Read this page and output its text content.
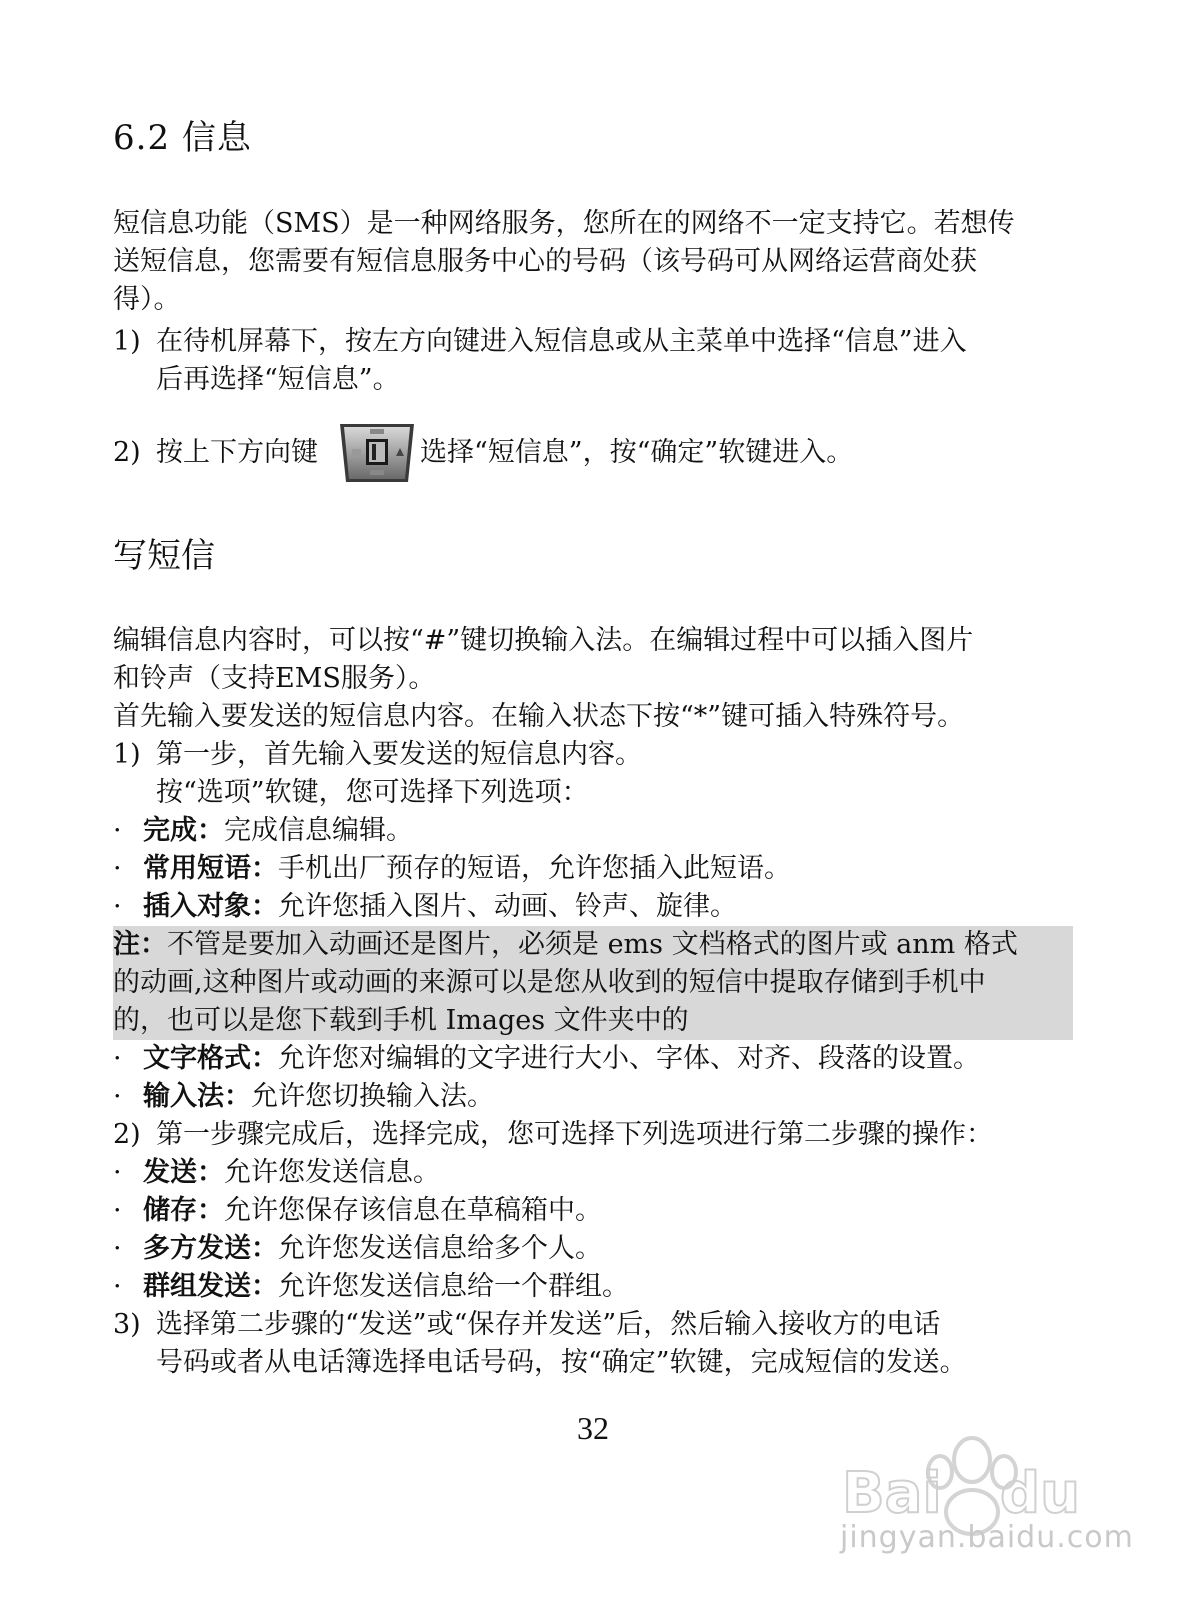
6.2 信息
短信息功能（SMS）是一种网络服务，您所在的网络不一定支持它。若想传
送短信息，您需要有短信息服务中心的号码（该号码可从网络运营商处获
得）。
1) 在待机屏幕下，按左方向键进入短信息或从主菜单中选择“信息”进入
后再选择“短信息”。
2) 按上下方向键	选择“短信息”，按“确定”软键进入。
写短信
编辑信息内容时，可以按“#”键切换输入法。在编辑过程中可以插入图片
和铃声（支持EMS服务）。
首先输入要发送的短信息内容。在输入状态下按“*”键可插入特殊符号。
1) 第一步，首先输入要发送的短信息内容。
按“选项”软键，您可选择下列选项：
· 完成：完成信息编辑。
· 常用短语：手机出厂预存的短语，允许您插入此短语。
· 插入对象：允许您插入图片、动画、铃声、旋律。
注：不管是要加入动画还是图片，必须是 ems 文档格式的图片或 anm 格式
的动画,这种图片或动画的来源可以是您从收到的短信中提取存储到手机中
的，也可以是您下载到手机 Images 文件夹中的
· 文字格式：允许您对编辑的文字进行大小、字体、对齐、段落的设置。
· 输入法：允许您切换输入法。
2) 第一步骤完成后，选择完成，您可选择下列选项进行第二步骤的操作：
· 发送：允许您发送信息。
· 储存：允许您保存该信息在草稿箱中。
· 多方发送：允许您发送信息给多个人。
· 群组发送：允许您发送信息给一个群组。
3) 选择第二步骤的“发送”或“保存并发送”后，然后输入接收方的电话
号码或者从电话簿选择电话号码，按“确定”软键，完成短信的发送。
32
Bai du
jingyan.baidu.com
